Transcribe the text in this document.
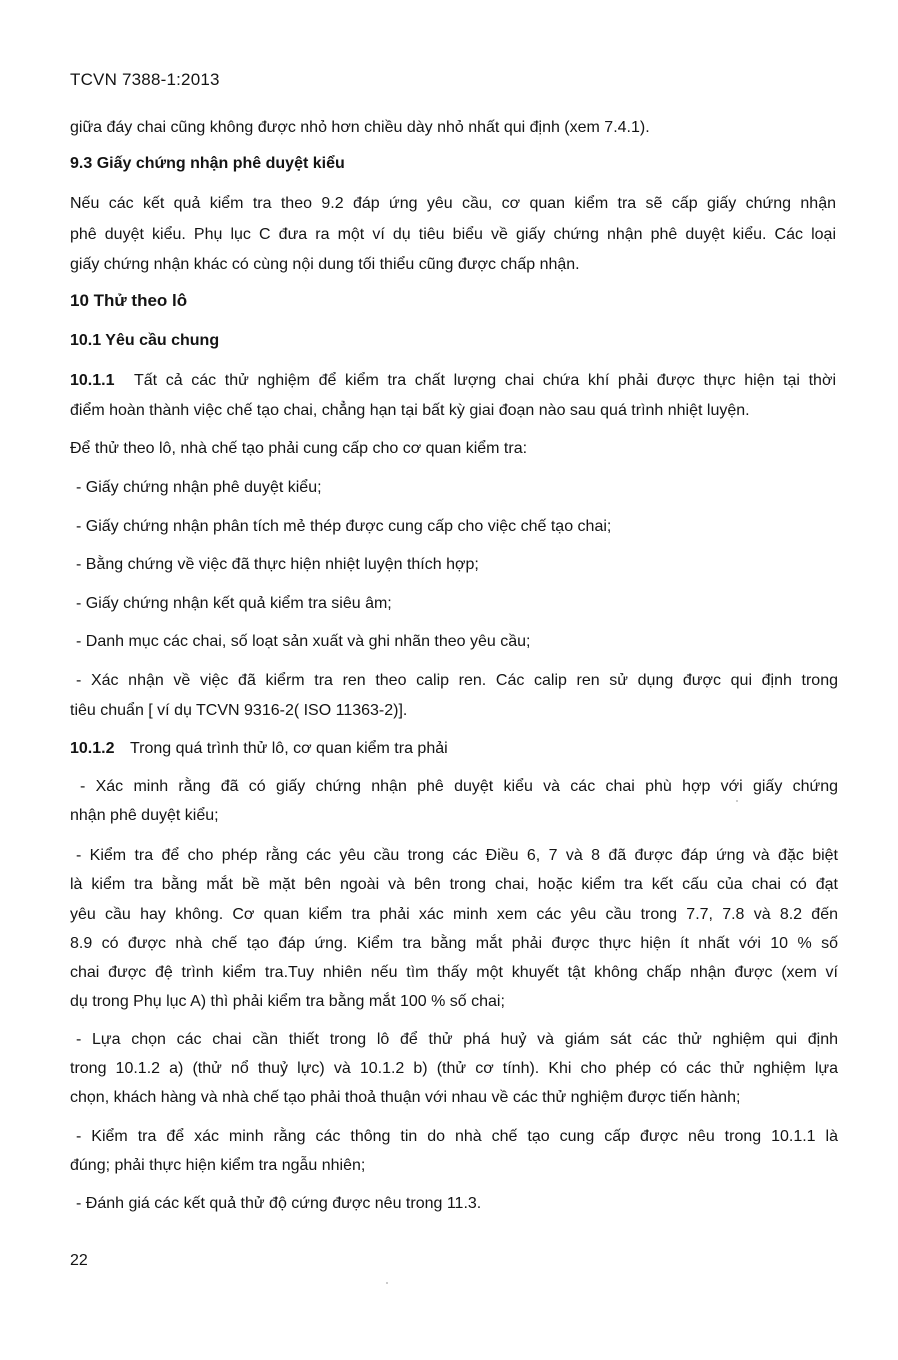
TCVN 7388-1:2013
giữa đáy chai cũng không được nhỏ hơn chiều dày nhỏ nhất qui định (xem 7.4.1).
9.3 Giấy chứng nhận phê duyệt kiểu
Nếu các kết quả kiểm tra theo 9.2 đáp ứng yêu cầu, cơ quan kiểm tra sẽ cấp giấy chứng nhận
phê duyệt kiểu. Phụ lục C đưa ra một ví dụ tiêu biểu về giấy chứng nhận phê duyệt kiểu. Các loại
giấy chứng nhận khác có cùng nội dung tối thiểu cũng được chấp nhận.
10 Thử theo lô
10.1 Yêu cầu chung
10.1.1 Tất cả các thử nghiệm để kiểm tra chất lượng chai chứa khí phải được thực hiện tại thời
điểm hoàn thành việc chế tạo chai, chẳng hạn tại bất kỳ giai đoạn nào sau quá trình nhiệt luyện.
Để thử theo lô, nhà chế tạo phải cung cấp cho cơ quan kiểm tra:
- Giấy chứng nhận phê duyệt kiểu;
- Giấy chứng nhận phân tích mẻ thép được cung cấp cho việc chế tạo chai;
- Bằng chứng về việc đã thực hiện nhiệt luyện thích hợp;
- Giấy chứng nhận kết quả kiểm tra siêu âm;
- Danh mục các chai, số loạt sản xuất và ghi nhãn theo yêu cầu;
- Xác nhận về việc đã kiểrm tra ren theo calip ren. Các calip ren sử dụng được qui định trong
tiêu chuẩn [ ví dụ TCVN 9316-2( ISO 11363-2)].
10.1.2 Trong quá trình thử lô, cơ quan kiểm tra phải
- Xác minh rằng đã có giấy chứng nhận phê duyệt kiểu và các chai phù hợp với giấy chứng
nhận phê duyệt kiểu;
- Kiểm tra để cho phép rằng các yêu cầu trong các Điều 6, 7 và 8 đã được đáp ứng và đặc biệt
là kiểm tra bằng mắt bề mặt bên ngoài và bên trong chai, hoặc kiểm tra kết cấu của chai có đạt
yêu cầu hay không. Cơ quan kiểm tra phải xác minh xem các yêu cầu trong 7.7, 7.8 và 8.2 đến
8.9 có được nhà chế tạo đáp ứng. Kiểm tra bằng mắt phải được thực hiện ít nhất với 10 % số
chai được đệ trình kiểm tra.Tuy nhiên nếu tìm thấy một khuyết tật không chấp nhận được (xem ví
dụ trong Phụ lục A) thì phải kiểm tra bằng mắt 100 % số chai;
- Lựa chọn các chai cần thiết trong lô để thử phá huỷ và giám sát các thử nghiệm qui định
trong 10.1.2 a) (thử nổ thuỷ lực) và 10.1.2 b) (thử cơ tính). Khi cho phép có các thử nghiệm lựa
chọn, khách hàng và nhà chế tạo phải thoả thuận với nhau về các thử nghiệm được tiến hành;
- Kiểm tra để xác minh rằng các thông tin do nhà chế tạo cung cấp được nêu trong 10.1.1 là
đúng; phải thực hiện kiểm tra ngẫu nhiên;
- Đánh giá các kết quả thử độ cứng được nêu trong 11.3.
22
